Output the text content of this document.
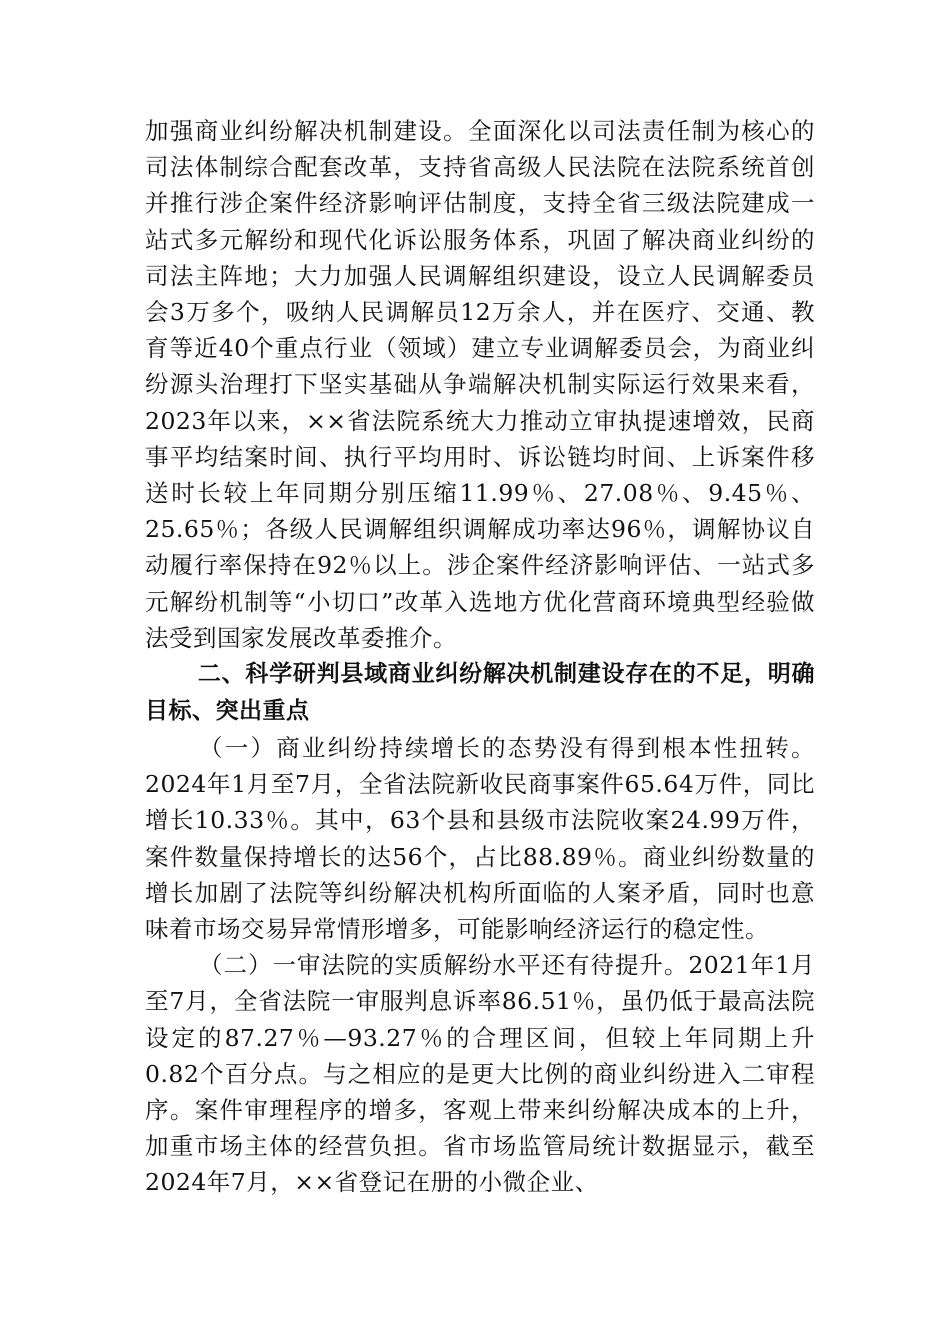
加强商业纠纷解决机制建设。全面深化以司法责任制为核心的司法体制综合配套改革，支持省高级人民法院在法院系统首创并推行涉企案件经济影响评估制度，支持全省三级法院建成一站式多元解纷和现代化诉讼服务体系，巩固了解决商业纠纷的司法主阵地；大力加强人民调解组织建设，设立人民调解委员会3万多个，吸纳人民调解员12万余人，并在医疗、交通、教育等近40个重点行业（领域）建立专业调解委员会，为商业纠纷源头治理打下坚实基础从争端解决机制实际运行效果来看，2023年以来，××省法院系统大力推动立审执提速增效，民商事平均结案时间、执行平均用时、诉讼链均时间、上诉案件移送时长较上年同期分别压缩11.99％、27.08％、9.45％、25.65％；各级人民调解组织调解成功率达96％，调解协议自动履行率保持在92％以上。涉企案件经济影响评估、一站式多元解纷机制等“小切口”改革入选地方优化营商环境典型经验做法受到国家发展改革委推介。

二、科学研判县域商业纠纷解决机制建设存在的不足，明确目标、突出重点

（一）商业纠纷持续增长的态势没有得到根本性扭转。2024年1月至7月，全省法院新收民商事案件65.64万件，同比增长10.33％。其中，63个县和县级市法院收案24.99万件，案件数量保持增长的达56个，占比88.89％。商业纠纷数量的增长加剧了法院等纠纷解决机构所面临的人案矛盾，同时也意味着市场交易异常情形增多，可能影响经济运行的稳定性。

（二）一审法院的实质解纷水平还有待提升。2021年1月至7月，全省法院一审服判息诉率86.51％，虽仍低于最高法院设定的87.27％—93.27％的合理区间，但较上年同期上升0.82个百分点。与之相应的是更大比例的商业纠纷进入二审程序。案件审理程序的增多，客观上带来纠纷解决成本的上升，加重市场主体的经营负担。省市场监管局统计数据显示，截至2024年7月，××省登记在册的小微企业、
